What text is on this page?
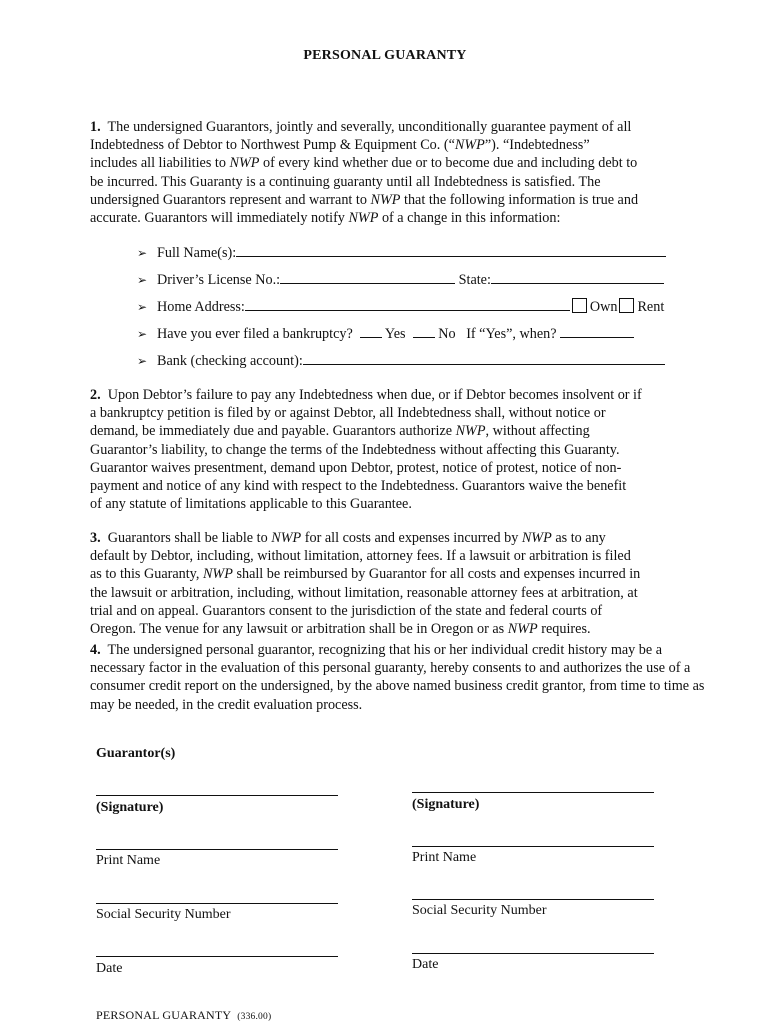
PERSONAL GUARANTY
1. The undersigned Guarantors, jointly and severally, unconditionally guarantee payment of all
Indebtedness of Debtor to Northwest Pump & Equipment Co. (“NWP”). “Indebtedness”
includes all liabilities to NWP of every kind whether due or to become due and including debt to
be incurred. This Guaranty is a continuing guaranty until all Indebtedness is satisfied. The
undersigned Guarantors represent and warrant to NWP that the following information is true and
accurate. Guarantors will immediately notify NWP of a change in this information:
➢ Full Name(s):
➢ Driver’s License No.:	State:
➢ Home Address:	Own Rent
➢ Have you ever filed a bankruptcy? Yes No If “Yes”, when?
➢ Bank (checking account):
2. Upon Debtor’s failure to pay any Indebtedness when due, or if Debtor becomes insolvent or if
a bankruptcy petition is filed by or against Debtor, all Indebtedness shall, without notice or
demand, be immediately due and payable. Guarantors authorize NWP, without affecting
Guarantor’s liability, to change the terms of the Indebtedness without affecting this Guaranty.
Guarantor waives presentment, demand upon Debtor, protest, notice of protest, notice of non-
payment and notice of any kind with respect to the Indebtedness. Guarantors waive the benefit
of any statute of limitations applicable to this Guarantee.
3. Guarantors shall be liable to NWP for all costs and expenses incurred by NWP as to any
default by Debtor, including, without limitation, attorney fees. If a lawsuit or arbitration is filed
as to this Guaranty, NWP shall be reimbursed by Guarantor for all costs and expenses incurred in
the lawsuit or arbitration, including, without limitation, reasonable attorney fees at arbitration, at
trial and on appeal. Guarantors consent to the jurisdiction of the state and federal courts of
Oregon. The venue for any lawsuit or arbitration shall be in Oregon or as NWP requires.
4. The undersigned personal guarantor, recognizing that his or her individual credit history may be a
necessary factor in the evaluation of this personal guaranty, hereby consents to and authorizes the use of a
consumer credit report on the undersigned, by the above named business credit grantor, from time to time as
may be needed, in the credit evaluation process.
Guarantor(s)
(Signature)
Print Name
Social Security Number
Date
(Signature)
Print Name
Social Security Number
Date
PERSONAL GUARANTY (336.00)
